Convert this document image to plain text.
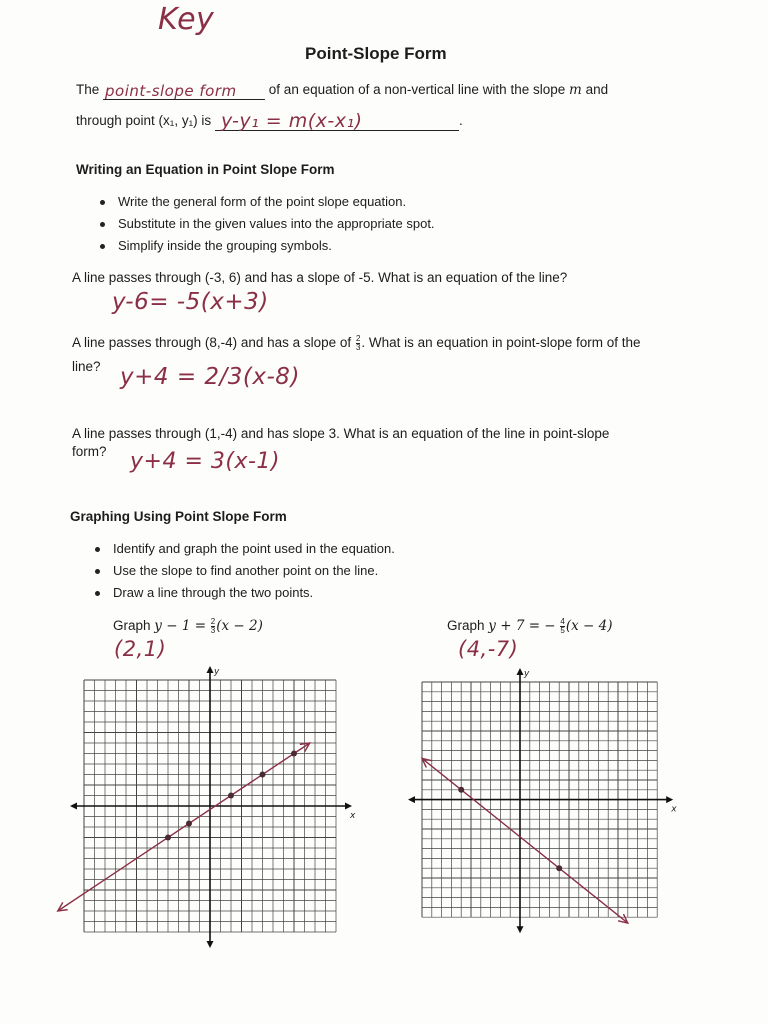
Key
Point-Slope Form
The point-slope form of an equation of a non-vertical line with the slope m and
through point (x₁, y₁) is y-y₁ = m(x-x₁)	.
Writing an Equation in Point Slope Form
Write the general form of the point slope equation.
Substitute in the given values into the appropriate spot.
Simplify inside the grouping symbols.
A line passes through (-3, 6) and has a slope of -5. What is an equation of the line?
y-6= -5(x+3)
A line passes through (8,-4) and has a slope of $\frac{2}{3}$ . What is an equation in point-slope form of the
line? y+4 = 2/3(x-8)
A line passes through (1,-4) and has slope 3. What is an equation of the line in point-slope
form? y+4 = 3(x-1)
Graphing Using Point Slope Form
Identify and graph the point used in the equation.
Use the slope to find another point on the line.
Draw a line through the two points.
Graph $y - 1 = \frac{2}{3} (x - 2)$
(2,1)
Graph y + 7 = − $\frac{4}{5} (x - 4)$
(4,-7)
x
y
x
y
